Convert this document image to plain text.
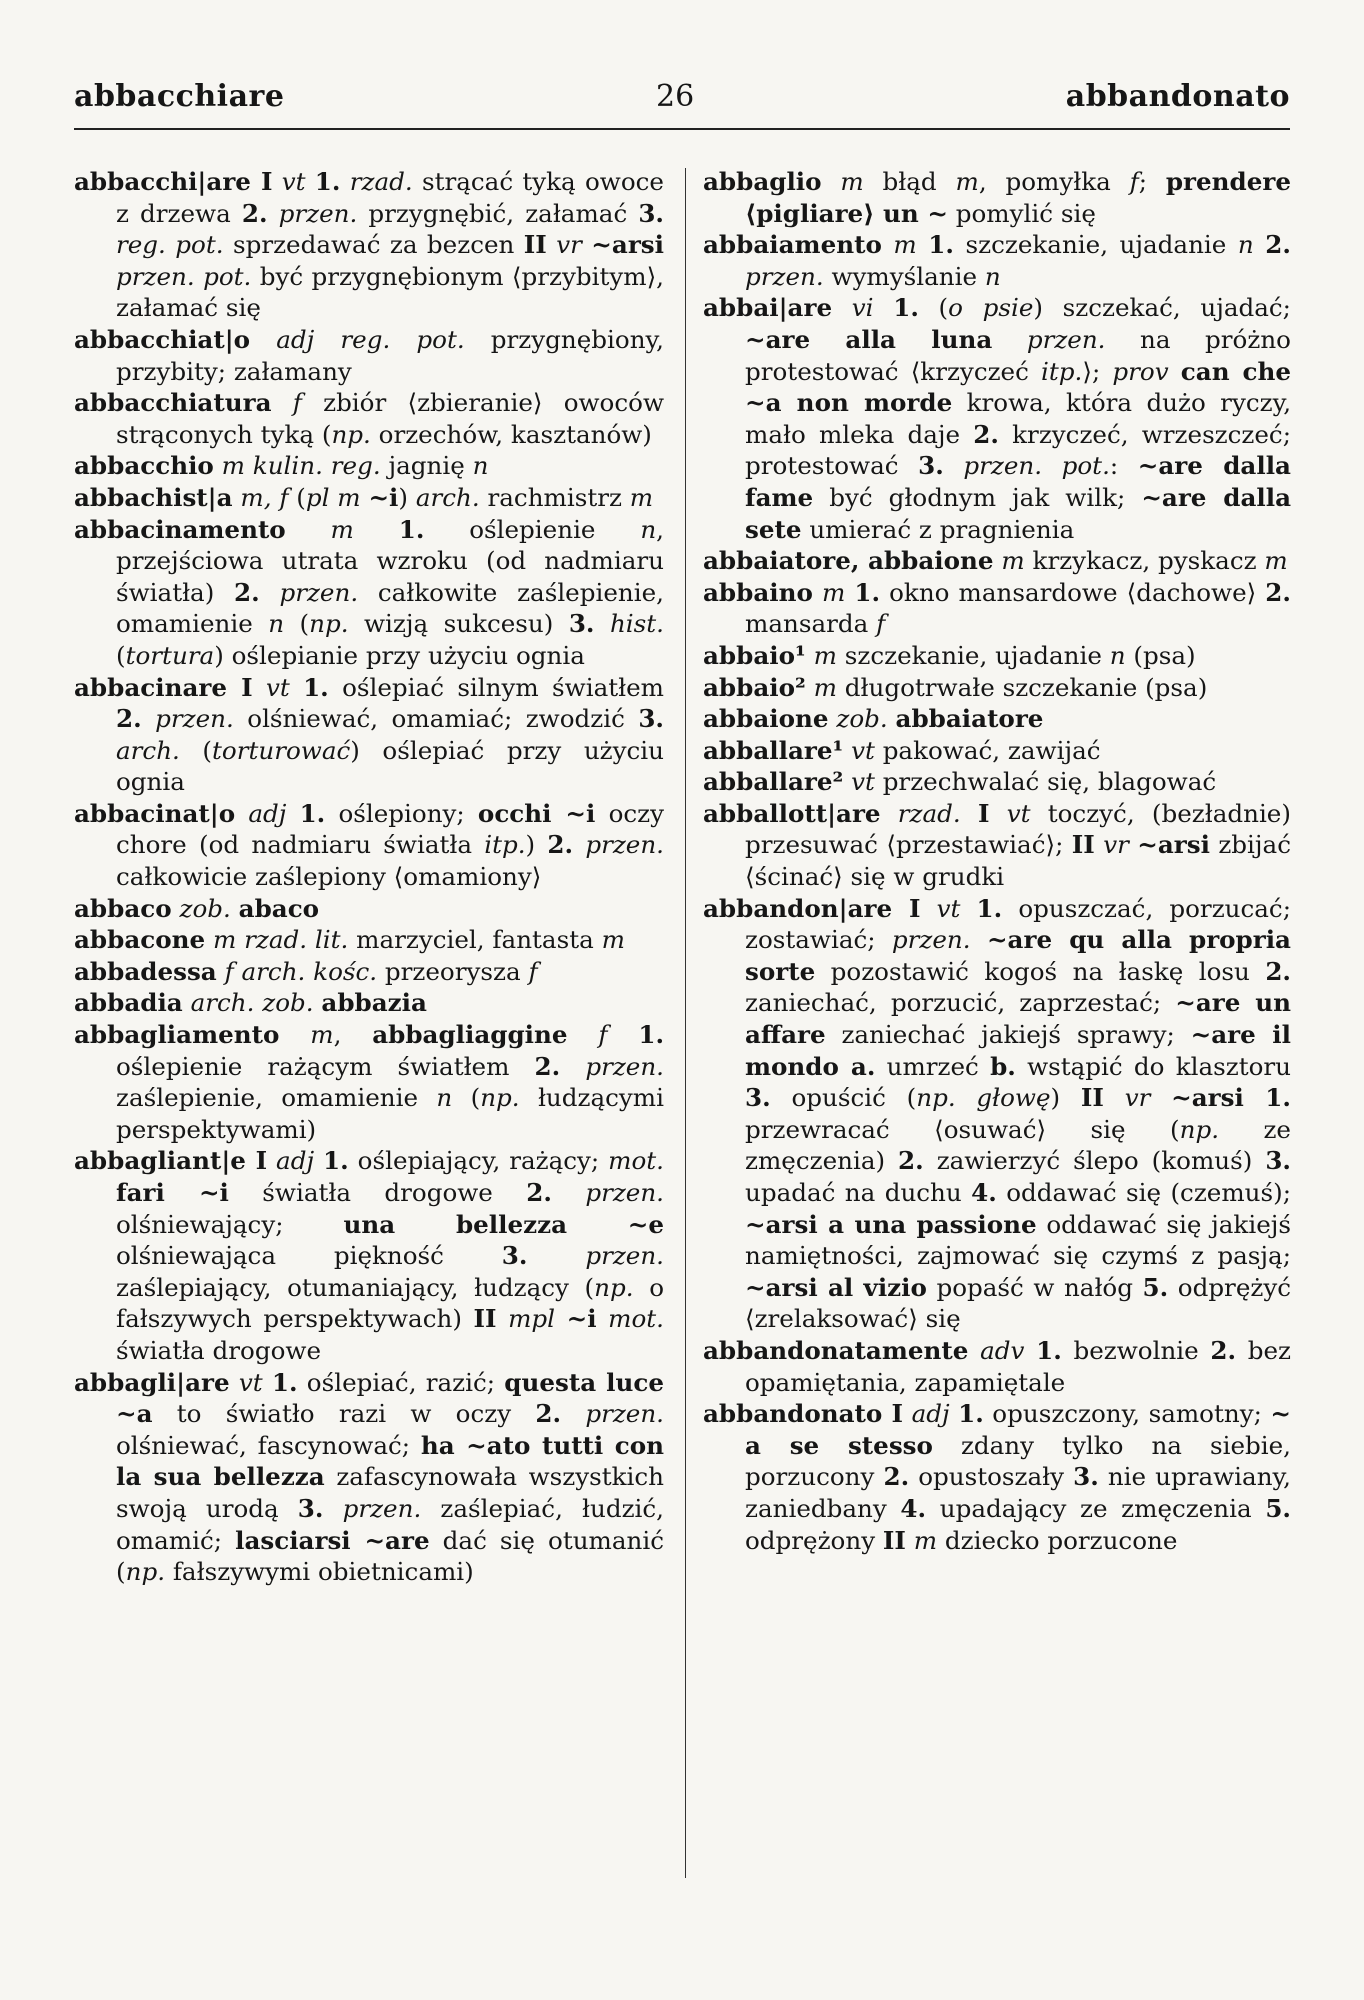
abbacchiare	26	abbandonato

abbacchi|are I vt 1. rzad. strącać tyką owoce z drzewa 2. przen. przygnębić, załamać 3. reg. pot. sprzedawać za bezcen II vr ~arsi przen. pot. być przygnębionym ⟨przybitym⟩, załamać się

abbacchiat|o adj reg. pot. przygnębiony, przybity; załamany

abbacchiatura f zbiór ⟨zbieranie⟩ owoców strąconych tyką (np. orzechów, kasztanów)

abbacchio m kulin. reg. jagnię n

abbachist|a m, f (pl m ~i) arch. rachmistrz m

abbacinamento m 1. oślepienie n, przejściowa utrata wzroku (od nadmiaru światła) 2. przen. całkowite zaślepienie, omamienie n (np. wizją sukcesu) 3. hist. (tortura) oślepianie przy użyciu ognia

abbacinare I vt 1. oślepiać silnym światłem 2. przen. olśniewać, omamiać; zwodzić 3. arch. (torturować) oślepiać przy użyciu ognia

abbacinat|o adj 1. oślepiony; occhi ~i oczy chore (od nadmiaru światła itp.) 2. przen. całkowicie zaślepiony ⟨omamiony⟩

abbaco zob. abaco

abbacone m rzad. lit. marzyciel, fantasta m

abbadessa f arch. kośc. przeorysza f

abbadia arch. zob. abbazia

abbagliamento m, abbagliaggine f 1. oślepienie rażącym światłem 2. przen. zaślepienie, omamienie n (np. łudzącymi perspektywami)

abbagliant|e I adj 1. oślepiający, rażący; mot. fari ~i światła drogowe 2. przen. olśniewający; una bellezza ~e olśniewająca piękność 3. przen. zaślepiający, otumaniający, łudzący (np. o fałszywych perspektywach) II mpl ~i mot. światła drogowe

abbagli|are vt 1. oślepiać, razić; questa luce ~a to światło razi w oczy 2. przen. olśniewać, fascynować; ha ~ato tutti con la sua bellezza zafascynowała wszystkich swoją urodą 3. przen. zaślepiać, łudzić, omamić; lasciarsi ~are dać się otumanić (np. fałszywymi obietnicami)

abbaglio m błąd m, pomyłka f; prendere ⟨pigliare⟩ un ~ pomylić się

abbaiamento m 1. szczekanie, ujadanie n 2. przen. wymyślanie n

abbai|are vi 1. (o psie) szczekać, ujadać; ~are alla luna przen. na próżno protestować ⟨krzyczeć itp.⟩; prov can che ~a non morde krowa, która dużo ryczy, mało mleka daje 2. krzyczeć, wrzeszczeć; protestować 3. przen. pot.: ~are dalla fame być głodnym jak wilk; ~are dalla sete umierać z pragnienia

abbaiatore, abbaione m krzykacz, pyskacz m

abbaino m 1. okno mansardowe ⟨dachowe⟩ 2. mansarda f

abbaio¹ m szczekanie, ujadanie n (psa)

abbaio² m długotrwałe szczekanie (psa)

abbaione zob. abbaiatore

abballare¹ vt pakować, zawijać

abballare² vt przechwalać się, blagować

abballott|are rzad. I vt toczyć, (bezładnie) przesuwać ⟨przestawiać⟩; II vr ~arsi zbijać ⟨ścinać⟩ się w grudki

abbandon|are I vt 1. opuszczać, porzucać; zostawiać; przen. ~are qu alla propria sorte pozostawić kogoś na łaskę losu 2. zaniechać, porzucić, zaprzestać; ~are un affare zaniechać jakiejś sprawy; ~are il mondo a. umrzeć b. wstąpić do klasztoru 3. opuścić (np. głowę) II vr ~arsi 1. przewracać ⟨osuwać⟩ się (np. ze zmęczenia) 2. zawierzyć ślepo (komuś) 3. upadać na duchu 4. oddawać się (czemuś); ~arsi a una passione oddawać się jakiejś namiętności, zajmować się czymś z pasją; ~arsi al vizio popaść w nałóg 5. odprężyć ⟨zrelaksować⟩ się

abbandonatamente adv 1. bezwolnie 2. bez opamiętania, zapamiętale

abbandonato I adj 1. opuszczony, samotny; ~ a se stesso zdany tylko na siebie, porzucony 2. opustoszały 3. nie uprawiany, zaniedbany 4. upadający ze zmęczenia 5. odprężony II m dziecko porzucone
